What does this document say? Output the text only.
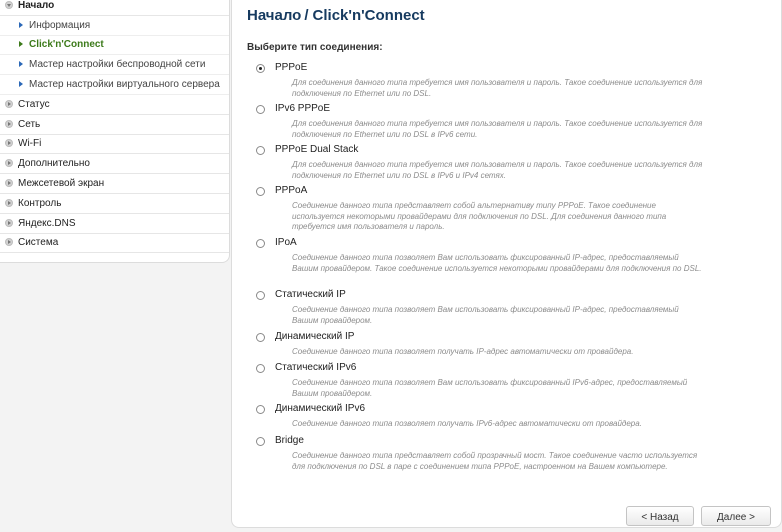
Начало
Информация
Click'n'Connect
Мастер настройки беспроводной сети
Мастер настройки виртуального сервера
Статус
Сеть
Wi-Fi
Дополнительно
Межсетевой экран
Контроль
Яндекс.DNS
Система
Начало / Click'n'Connect
Выберите тип соединения:
PPPoE
Для соединения данного типа требуется имя пользователя и пароль. Такое соединение используется для подключения по Ethernet или по DSL.
IPv6 PPPoE
Для соединения данного типа требуется имя пользователя и пароль. Такое соединение используется для подключения по Ethernet или по DSL в IPv6 сети.
PPPoE Dual Stack
Для соединения данного типа требуется имя пользователя и пароль. Такое соединение используется для подключения по Ethernet или по DSL в IPv6 и IPv4 сетях.
PPPoA
Соединение данного типа представляет собой альтернативу типу PPPoE. Такое соединение используется некоторыми провайдерами для подключения по DSL. Для соединения данного типа требуется имя пользователя и пароль.
IPoA
Соединение данного типа позволяет Вам использовать фиксированный IP-адрес, предоставляемый Вашим провайдером. Такое соединение используется некоторыми провайдерами для подключения по DSL.
Статический IP
Соединение данного типа позволяет Вам использовать фиксированный IP-адрес, предоставляемый Вашим провайдером.
Динамический IP
Соединение данного типа позволяет получать IP-адрес автоматически от провайдера.
Статический IPv6
Соединение данного типа позволяет Вам использовать фиксированный IPv6-адрес, предоставляемый Вашим провайдером.
Динамический IPv6
Соединение данного типа позволяет получать IPv6-адрес автоматически от провайдера.
Bridge
Соединение данного типа представляет собой прозрачный мост. Такое соединение часто используется для подключения по DSL в паре с соединением типа PPPoE, настроенном на Вашем компьютере.
< Назад	Далее >
